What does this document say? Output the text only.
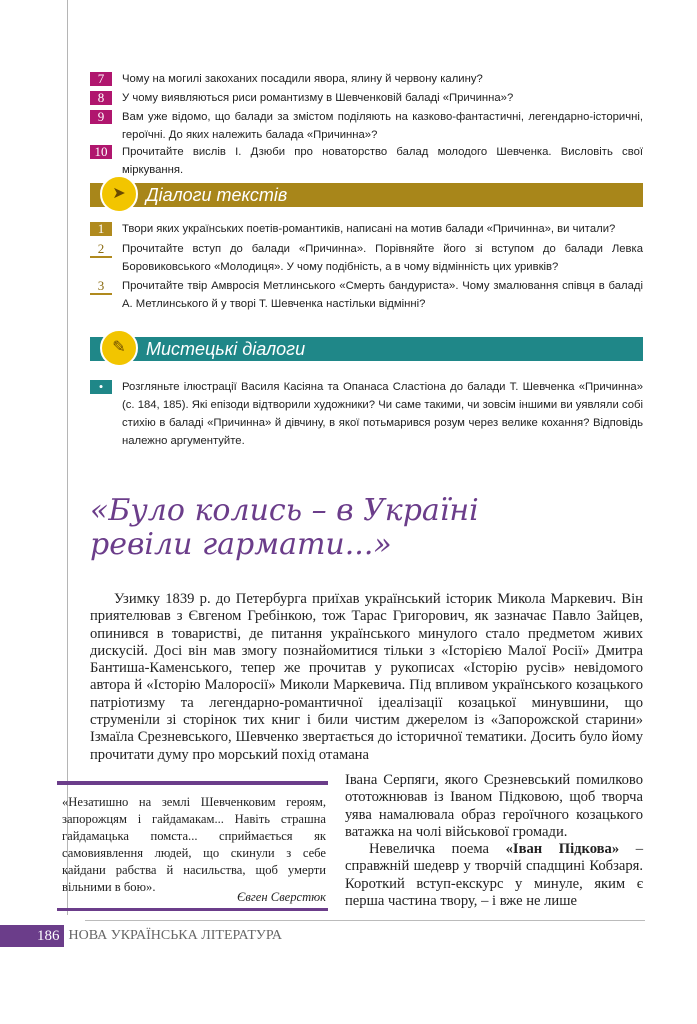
7	Чому на могилі закоханих посадили явора, ялину й червону калину?
8	У чому виявляються риси романтизму в Шевченковій баладі «Причинна»?
9	Вам уже відомо, що балади за змістом поділяють на казково-фантастичні, легендарно-історичні, героїчні. До яких належить балада «Причинна»?
10	Прочитайте вислів І. Дзюби про новаторство балад молодого Шевченка. Висловіть свої міркування.
➤	Діалоги текстів
1	Твори яких українських поетів-романтиків, написані на мотив балади «Причинна», ви читали?
2	Прочитайте вступ до балади «Причинна». Порівняйте його зі вступом до балади Левка Боровиковського «Молодиця». У чому подібність, а в чому відмінність цих уривків?
3	Прочитайте твір Амвросія Метлинського «Смерть бандуриста». Чому змалювання співця в баладі А. Метлинського й у творі Т. Шевченка настільки відмінні?
✎	Мистецькі діалоги
•	Розгляньте ілюстрації Василя Касіяна та Опанаса Сластіона до балади Т. Шевченка «Причинна» (с. 184, 185). Які епізоди відтворили художники? Чи саме такими, чи зовсім іншими ви уявляли собі стихію в баладі «Причинна» й дівчину, в якої потьмарився розум через велике кохання? Відповідь належно аргументуйте.
«Було колись – в Україні
ревіли гармати...»
Узимку 1839 р. до Петербурга приїхав український історик Микола Маркевич. Він приятелював з Євгеном Гребінкою, тож Тарас Григорович, як зазначає Павло Зайцев, опинився в товаристві, де питання українського минулого стало предметом живих дискусій. Досі він мав змогу познайомитися тільки з «Історією Малої Росії» Дмитра Бантиша-Каменського, тепер же прочитав у рукописах «Історію русів» невідомого автора й «Історію Малоросії» Миколи Маркевича. Під впливом українського козацького патріотизму та легендарно-романтичної ідеалізації козацької минувшини, що струменіли зі сторінок тих книг і били чистим джерелом із «Запорожской старини» Ізмаїла Срезневського, Шевченко звертається до історичної тематики. Досить було йому прочитати думу про морський похід отамана
«Незатишно на землі Шевченковим героям, запорожцям і гайдамакам... Навіть страшна гайдамацька помста... сприймається як самовиявлення людей, що скинули з себе кайдани рабства й насильства, щоб умерти вільними в бою».
Євген Сверстюк
Івана Серпяги, якого Срезневський помилково ототожнював із Іваном Підковою, щоб творча уява намалювала образ героїчного козацького ватажка на чолі військової громади.
Невеличка поема «Іван Підкова» – справжній шедевр у творчій спадщині Кобзаря. Короткий вступ-екскурс у минуле, яким є перша частина твору, – і вже не лише
186 НОВА УКРАЇНСЬКА ЛІТЕРАТУРА
